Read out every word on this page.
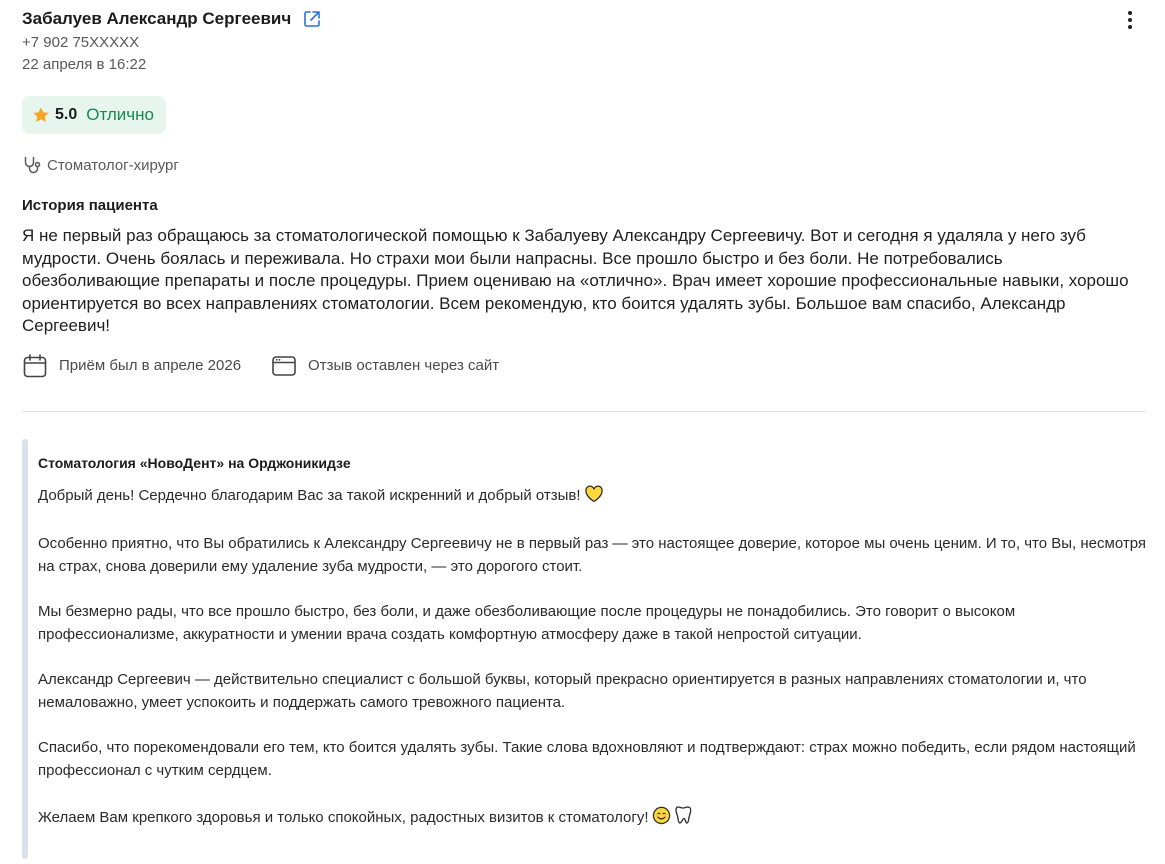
Забалуев Александр Сергеевич
+7 902 75XXXXX
22 апреля в 16:22
5.0 Отлично
Стоматолог-хирург
История пациента
Я не первый раз обращаюсь за стоматологической помощью к Забалуеву Александру Сергеевичу. Вот и сегодня я удаляла у него зуб мудрости. Очень боялась и переживала. Но страхи мои были напрасны. Все прошло быстро и без боли. Не потребовались обезболивающие препараты и после процедуры. Прием оцениваю на «отлично». Врач имеет хорошие профессиональные навыки, хорошо ориентируется во всех направлениях стоматологии. Всем рекомендую, кто боится удалять зубы. Большое вам спасибо, Александр Сергеевич!
Приём был в апреле 2026	Отзыв оставлен через сайт
Стоматология «НовоДент» на Орджоникидзе

Добрый день! Сердечно благодарим Вас за такой искренний и добрый отзыв!

Особенно приятно, что Вы обратились к Александру Сергеевичу не в первый раз — это настоящее доверие, которое мы очень ценим. И то, что Вы, несмотря на страх, снова доверили ему удаление зуба мудрости, — это дорогого стоит.

Мы безмерно рады, что все прошло быстро, без боли, и даже обезболивающие после процедуры не понадобились. Это говорит о высоком профессионализме, аккуратности и умении врача создать комфортную атмосферу даже в такой непростой ситуации.

Александр Сергеевич — действительно специалист с большой буквы, который прекрасно ориентируется в разных направлениях стоматологии и, что немаловажно, умеет успокоить и поддержать самого тревожного пациента.

Спасибо, что порекомендовали его тем, кто боится удалять зубы. Такие слова вдохновляют и подтверждают: страх можно победить, если рядом настоящий профессионал с чутким сердцем.

Желаем Вам крепкого здоровья и только спокойных, радостных визитов к стоматологу!
